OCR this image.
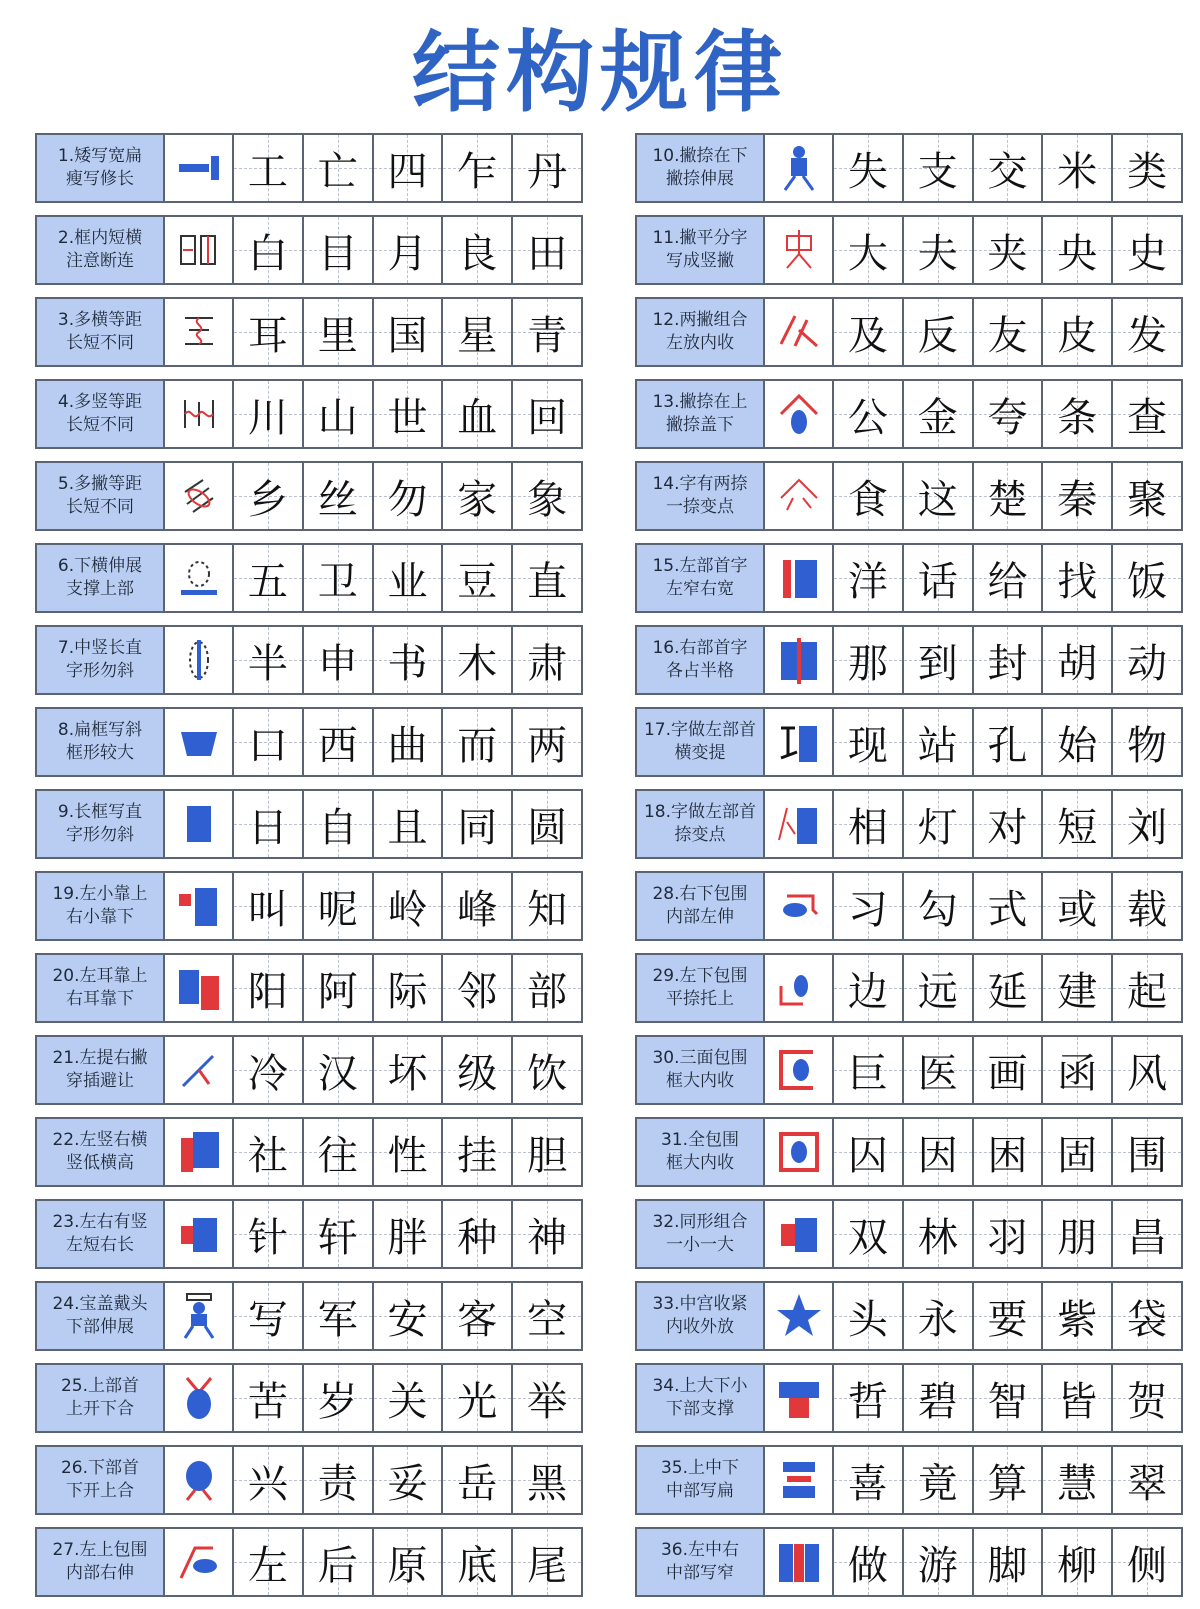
结构规律
1.矮写宽扁
瘦写修长	工 亡 四 乍 丹
2.框内短横
注意断连	白 目 月 良 田
3.多横等距
长短不同	耳 里 国 星 青
4.多竖等距
长短不同	川 山 世 血 回
5.多撇等距
长短不同	乡 丝 勿 家 象
6.下横伸展
支撑上部	五 卫 业 豆 直
7.中竖长直
字形勿斜	半 申 书 木 肃
8.扁框写斜
框形较大	口 西 曲 而 两
9.长框写直
字形勿斜	日 自 且 同 圆
19.左小靠上
右小靠下	叫 呢 岭 峰 知
20.左耳靠上
右耳靠下	阳 阿 际 邻 部
21.左提右撇
穿插避让	冷 汉 坏 级 饮
22.左竖右横
竖低横高	社 往 性 挂 胆
23.左右有竖
左短右长	针 轩 胖 种 神
24.宝盖戴头
下部伸展	写 军 安 客 空
25.上部首
上开下合	苦 岁 关 光 举
26.下部首
下开上合	兴 责 妥 岳 黑
27.左上包围
内部右伸	左 后 原 底 尾
10.撇捺在下
撇捺伸展	失 支 交 米 类
11.撇平分字
写成竖撇	大 夫 夹 央 史
12.两撇组合
左放内收	及 反 友 皮 发
13.撇捺在上
撇捺盖下	公 金 夸 条 查
14.字有两捺
一捺变点	食 这 楚 秦 聚
15.左部首字
左窄右宽	洋 话 给 找 饭
16.右部首字
各占半格	那 到 封 胡 动
17.字做左部首
横变提	现 站 孔 始 物
18.字做左部首
捺变点	相 灯 对 短 刘
28.右下包围
内部左伸	习 勾 式 或 载
29.左下包围
平捺托上	边 远 延 建 起
30.三面包围
框大内收	巨 医 画 函 风
31.全包围
框大内收	囚 因 困 固 围
32.同形组合
一小一大	双 林 羽 朋 昌
33.中宫收紧
内收外放	头 永 要 紫 袋
34.上大下小
下部支撑	哲 碧 智 皆 贺
35.上中下
中部写扁	喜 竟 算 慧 翠
36.左中右
中部写窄	做 游 脚 柳 侧
